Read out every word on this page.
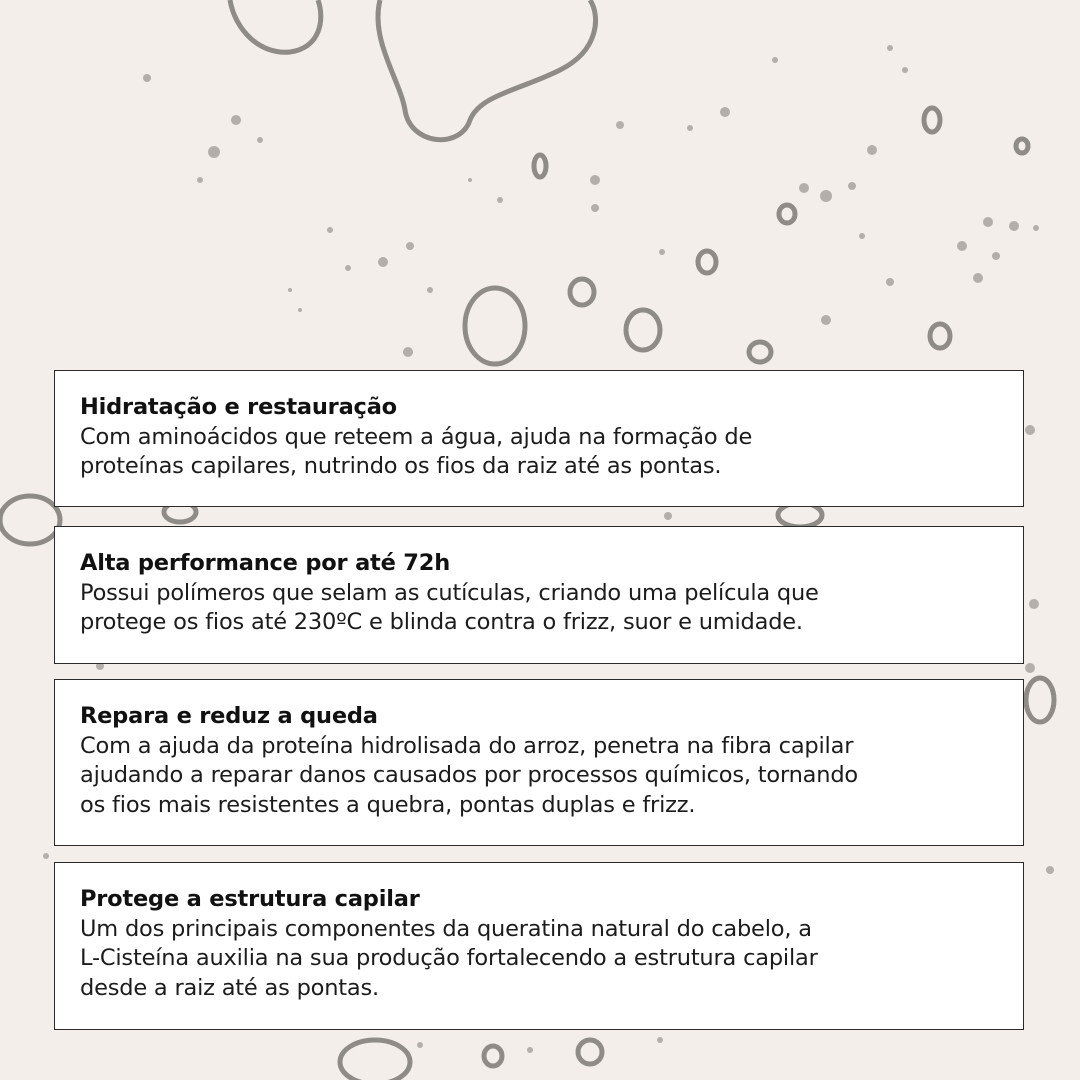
Hidratação e restauração

Com aminoácidos que reteem a água, ajuda na formação de

proteínas capilares, nutrindo os fios da raiz até as pontas.

Alta performance por até 72h

Possui polímeros que selam as cutículas, criando uma película que

protege os fios até 230ºC e blinda contra o frizz, suor e umidade.

Repara e reduz a queda

Com a ajuda da proteína hidrolisada do arroz, penetra na fibra capilar

ajudando a reparar danos causados por processos químicos, tornando

os fios mais resistentes a quebra, pontas duplas e frizz.

Protege a estrutura capilar

Um dos principais componentes da queratina natural do cabelo, a

L-Cisteína auxilia na sua produção fortalecendo a estrutura capilar

desde a raiz até as pontas.
